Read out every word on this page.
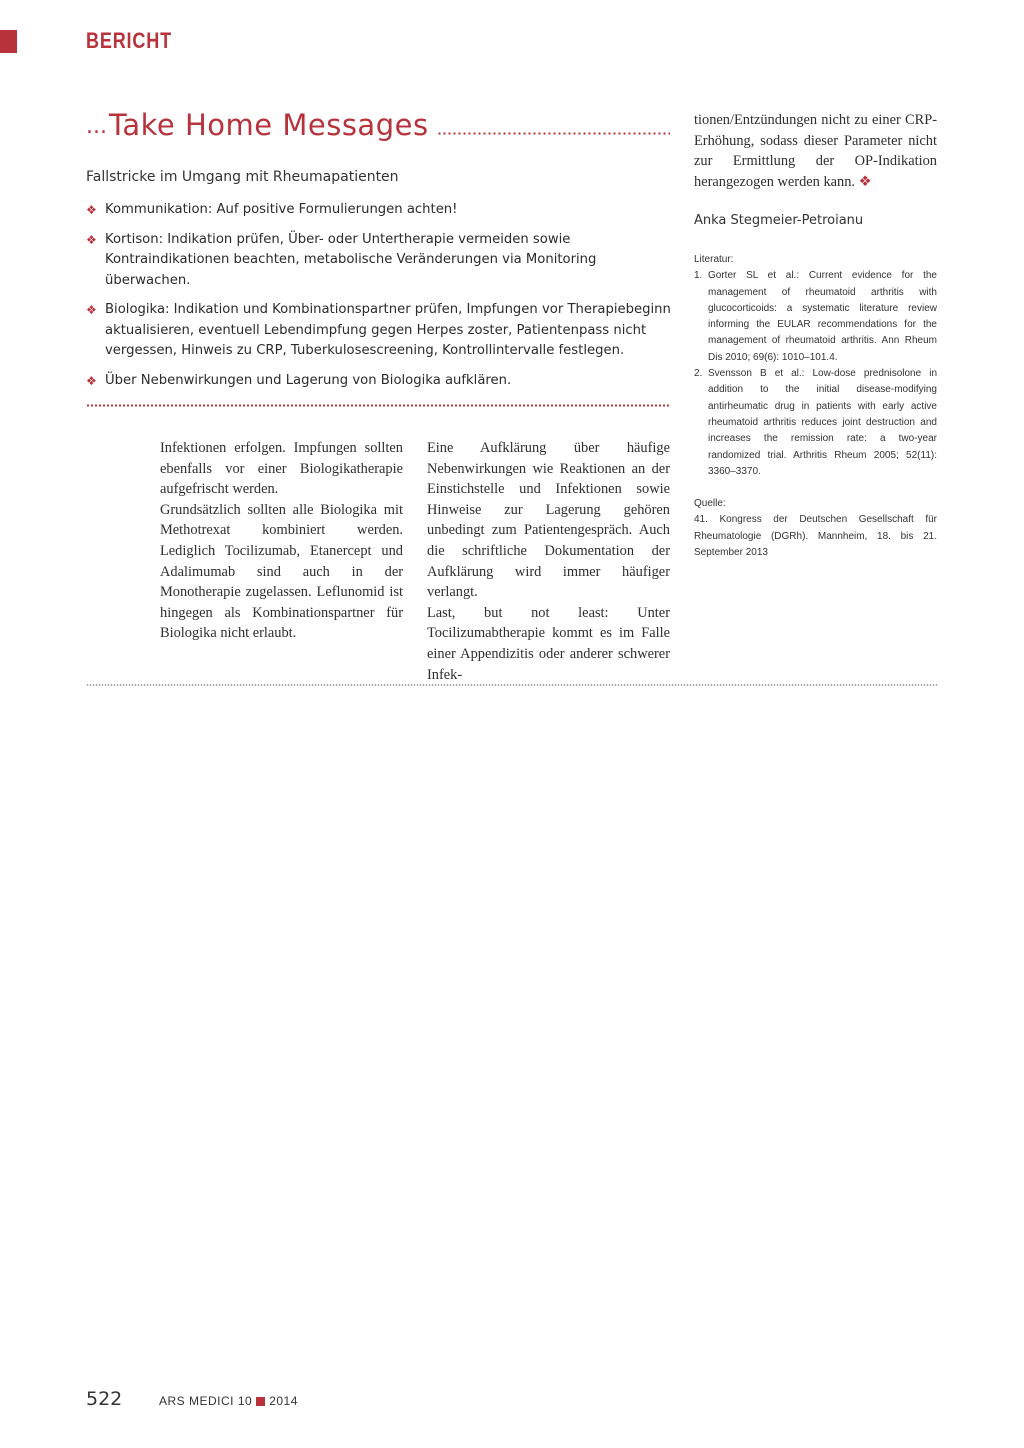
BERICHT
... Take Home Messages
Fallstricke im Umgang mit Rheumapatienten
❖ Kommunikation: Auf positive Formulierungen achten!
❖ Kortison: Indikation prüfen, Über- oder Untertherapie vermeiden sowie Kontraindikationen beachten, metabolische Veränderungen via Monitoring überwachen.
❖ Biologika: Indikation und Kombinationspartner prüfen, Impfungen vor Therapiebeginn aktualisieren, eventuell Lebendimpfung gegen Herpes zoster, Patientenpass nicht vergessen, Hinweis zu CRP, Tuberkulosescreening, Kontrollintervalle festlegen.
❖ Über Nebenwirkungen und Lagerung von Biologika aufklären.

tionen/Entzündungen nicht zu einer CRP-Erhöhung, sodass dieser Parameter nicht zur Ermittlung der OP-Indikation herangezogen werden kann. ❖

Anka Stegmeier-Petroianu
Literatur:
1. Gorter SL et al.: Current evidence for the management of rheumatoid arthritis with glucocorticoids: a systematic literature review informing the EULAR recommendations for the management of rheumatoid arthritis. Ann Rheum Dis 2010; 69(6): 1010–101.4.
2. Svensson B et al.: Low-dose prednisolone in addition to the initial disease-modifying antirheumatic drug in patients with early active rheumatoid arthritis reduces joint destruction and increases the remission rate: a two-year randomized trial. Arthritis Rheum 2005; 52(11): 3360–3370.
Quelle:
41. Kongress der Deutschen Gesellschaft für Rheumatologie (DGRh). Mannheim, 18. bis 21. September 2013

Infektionen erfolgen. Impfungen sollten ebenfalls vor einer Biologikatherapie aufgefrischt werden.

Grundsätzlich sollten alle Biologika mit Methotrexat kombiniert werden. Lediglich Tocilizumab, Etanercept und Adalimumab sind auch in der Monotherapie zugelassen. Leflunomid ist hingegen als Kombinationspartner für Biologika nicht erlaubt.

Eine Aufklärung über häufige Nebenwirkungen wie Reaktionen an der Einstichstelle und Infektionen sowie Hinweise zur Lagerung gehören unbedingt zum Patientengespräch. Auch die schriftliche Dokumentation der Aufklärung wird immer häufiger verlangt.

Last, but not least: Unter Tocilizumabtherapie kommt es im Falle einer Appendizitis oder anderer schwerer Infek-

522	ARS MEDICI 10 2014
